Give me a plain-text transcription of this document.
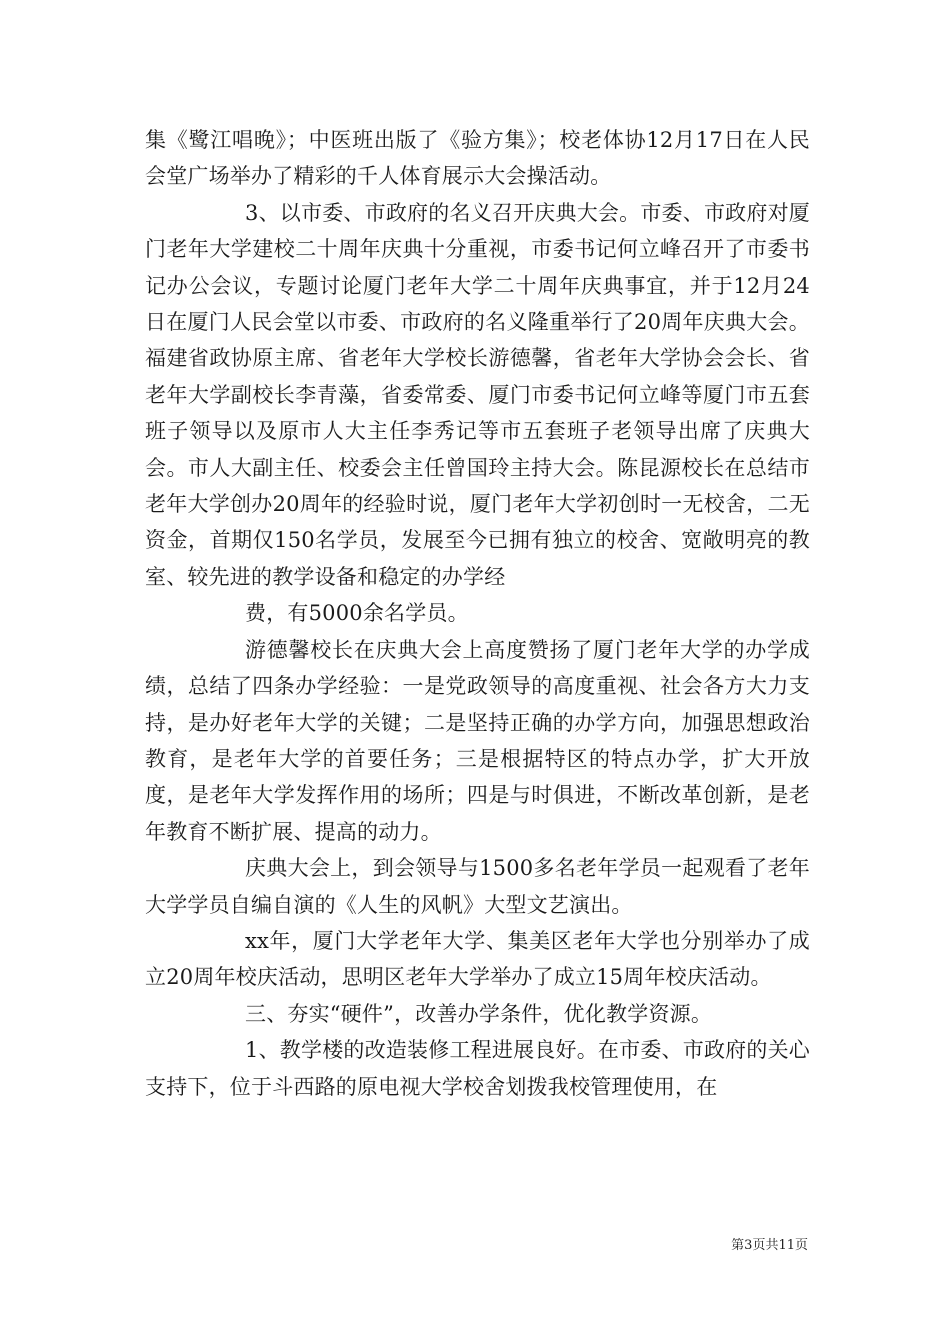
集《鹭江唱晚》；中医班出版了《验方集》；校老体协12月17日在人民会堂广场举办了精彩的千人体育展示大会操活动。

3、以市委、市政府的名义召开庆典大会。市委、市政府对厦门老年大学建校二十周年庆典十分重视，市委书记何立峰召开了市委书记办公会议，专题讨论厦门老年大学二十周年庆典事宜，并于12月24日在厦门人民会堂以市委、市政府的名义隆重举行了20周年庆典大会。福建省政协原主席、省老年大学校长游德馨，省老年大学协会会长、省老年大学副校长李青藻，省委常委、厦门市委书记何立峰等厦门市五套班子领导以及原市人大主任李秀记等市五套班子老领导出席了庆典大会。市人大副主任、校委会主任曾国玲主持大会。陈昆源校长在总结市老年大学创办20周年的经验时说，厦门老年大学初创时一无校舍，二无资金，首期仅150名学员，发展至今已拥有独立的校舍、宽敞明亮的教室、较先进的教学设备和稳定的办学经

费，有5000余名学员。

游德馨校长在庆典大会上高度赞扬了厦门老年大学的办学成绩，总结了四条办学经验：一是党政领导的高度重视、社会各方大力支持，是办好老年大学的关键；二是坚持正确的办学方向，加强思想政治教育，是老年大学的首要任务；三是根据特区的特点办学，扩大开放度，是老年大学发挥作用的场所；四是与时俱进，不断改革创新，是老年教育不断扩展、提高的动力。

庆典大会上，到会领导与1500多名老年学员一起观看了老年大学学员自编自演的《人生的风帆》大型文艺演出。

xx年，厦门大学老年大学、集美区老年大学也分别举办了成立20周年校庆活动，思明区老年大学举办了成立15周年校庆活动。

三、夯实“硬件”，改善办学条件，优化教学资源。

1、教学楼的改造装修工程进展良好。在市委、市政府的关心支持下，位于斗西路的原电视大学校舍划拨我校管理使用，在

第3页共11页
